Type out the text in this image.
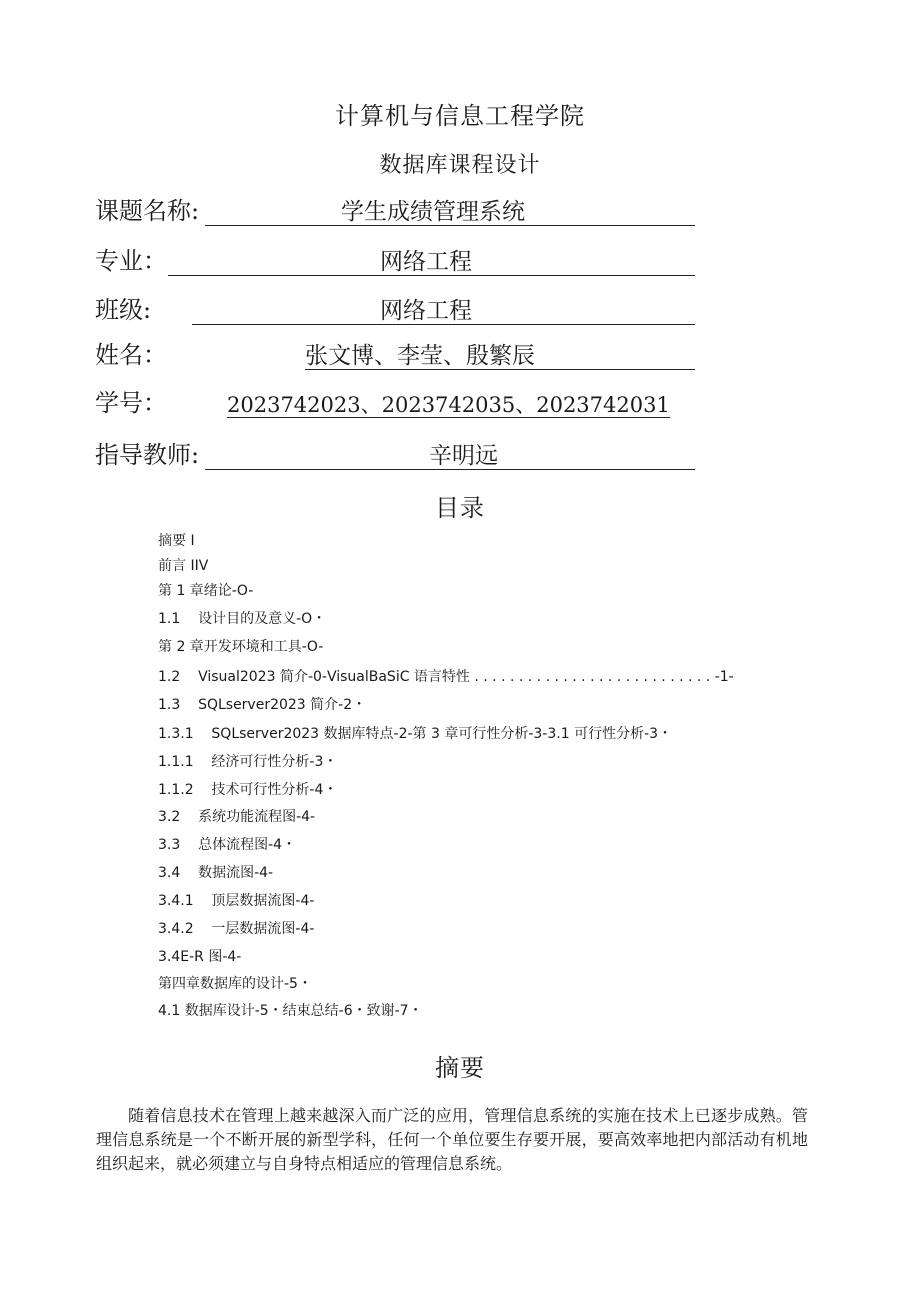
计算机与信息工程学院
数据库课程设计
课题名称:	学生成绩管理系统
专业：	网络工程
班级:	网络工程
姓名：	张文博、李莹、殷繁辰
学号：	2023742023、2023742035、2023742031
指导教师:	辛明远
目录
摘要 I
前言 IIV
第 1 章绪论-O-
1.1    设计目的及意义-O・
第 2 章开发环境和工具-O-
1.2    Visual2023 简介-0-VisualBaSiC 语言特性 . . . . . . . . . . . . . . . . . . . . . . . . . . . -1-
1.3    SQLserver2023 简介-2・
1.3.1    SQLserver2023 数据库特点-2-第 3 章可行性分析-3-3.1 可行性分析-3・
1.1.1    经济可行性分析-3・
1.1.2    技术可行性分析-4・
3.2    系统功能流程图-4-
3.3    总体流程图-4・
3.4    数据流图-4-
3.4.1    顶层数据流图-4-
3.4.2    一层数据流图-4-
3.4E-R 图-4-
第四章数据库的设计-5・
4.1 数据库设计-5・结束总结-6・致谢-7・
摘要
随着信息技术在管理上越来越深入而广泛的应用，管理信息系统的实施在技术上已逐步成熟。管理信息系统是一个不断开展的新型学科，任何一个单位要生存要开展，要高效率地把内部活动有机地组织起来，就必须建立与自身特点相适应的管理信息系统。
